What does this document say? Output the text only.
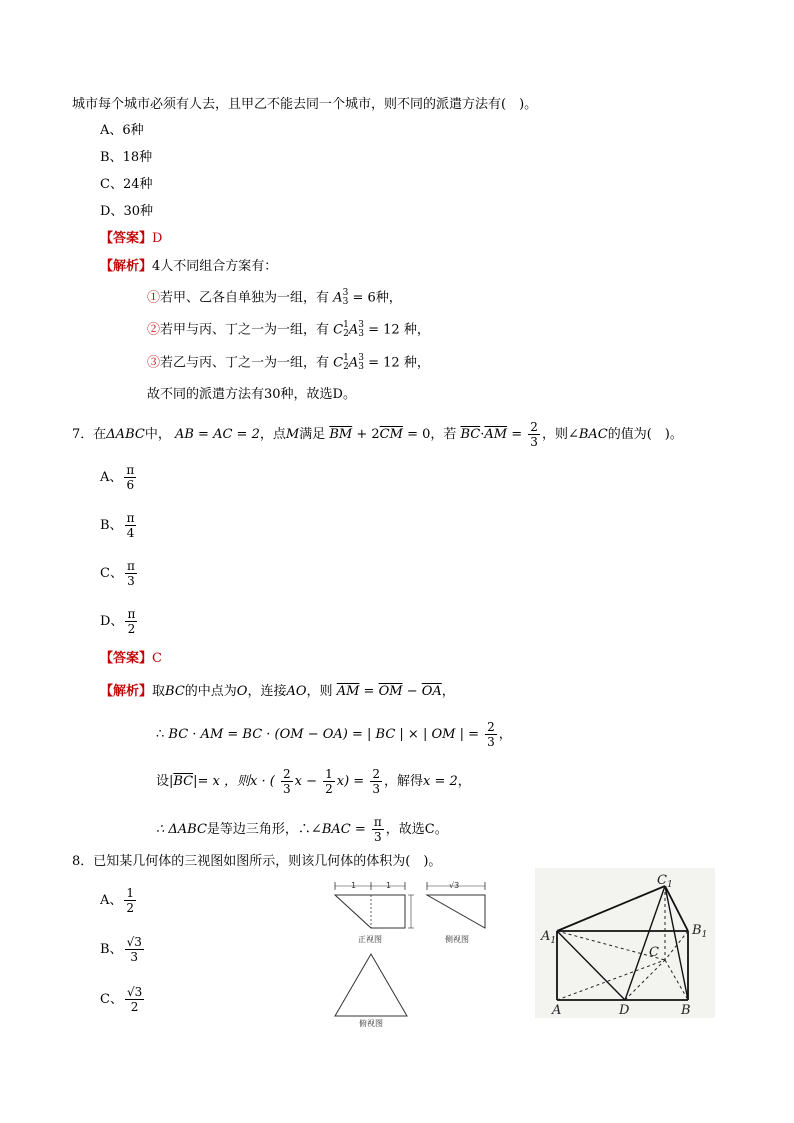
城市每个城市必须有人去，且甲乙不能去同一个城市，则不同的派遣方法有(　)。
A、6种
B、18种
C、24种
D、30种
【答案】D
【解析】4人不同组合方案有：
①若甲、乙各自单独为一组，有 A 3
3 = 6种，
②若甲与丙、丁之一为一组，有 C 1
2 A 3
3 = 12 种，
③若乙与丙、丁之一为一组，有 C 1
2 A 3
3 = 12 种，
故不同的派遣方法有30种，故选D。
7．在ΔABC中， AB = AC = 2，点M满足 $\overline{BM} + 2\overline{CM} = 0$，若 $\overline{BC}\cdot\overline{AM} = \frac{2}{3}$ ，则∠BAC的值为(　)。
A、 $\frac{\pi}{6}$
B、 $\frac{\pi}{4}$
C、 $\frac{\pi}{3}$
D、 $\frac{\pi}{2}$
【答案】C
【解析】取BC的中点为O，连接AO，则 $\overline{AM} = \overline{OM} - \overline{OA}$，
∴ BC · AM = BC · (OM − OA) = | BC | × | OM | = $\frac{2}{3}$ ，
设$|\overline{BC}|= x$ ，则x · ( $\frac{2}{3}$ $x - \frac{1}{2} x) = \frac{2}{3}$ ，解得x = 2，
∴ ΔABC是等边三角形，∴∠BAC = $\frac{\pi}{3}$ ，故选C。
8．已知某几何体的三视图如图所示，则该几何体的体积为(　)。
A、 $\frac{1}{2}$
B、 $\frac{√3}{3}$
C、 $\frac{√3}{2}$
1	1
正视图
√3
侧视图
俯视图
$C_1$
$A_1$
$B_1$
C
A	D	B
